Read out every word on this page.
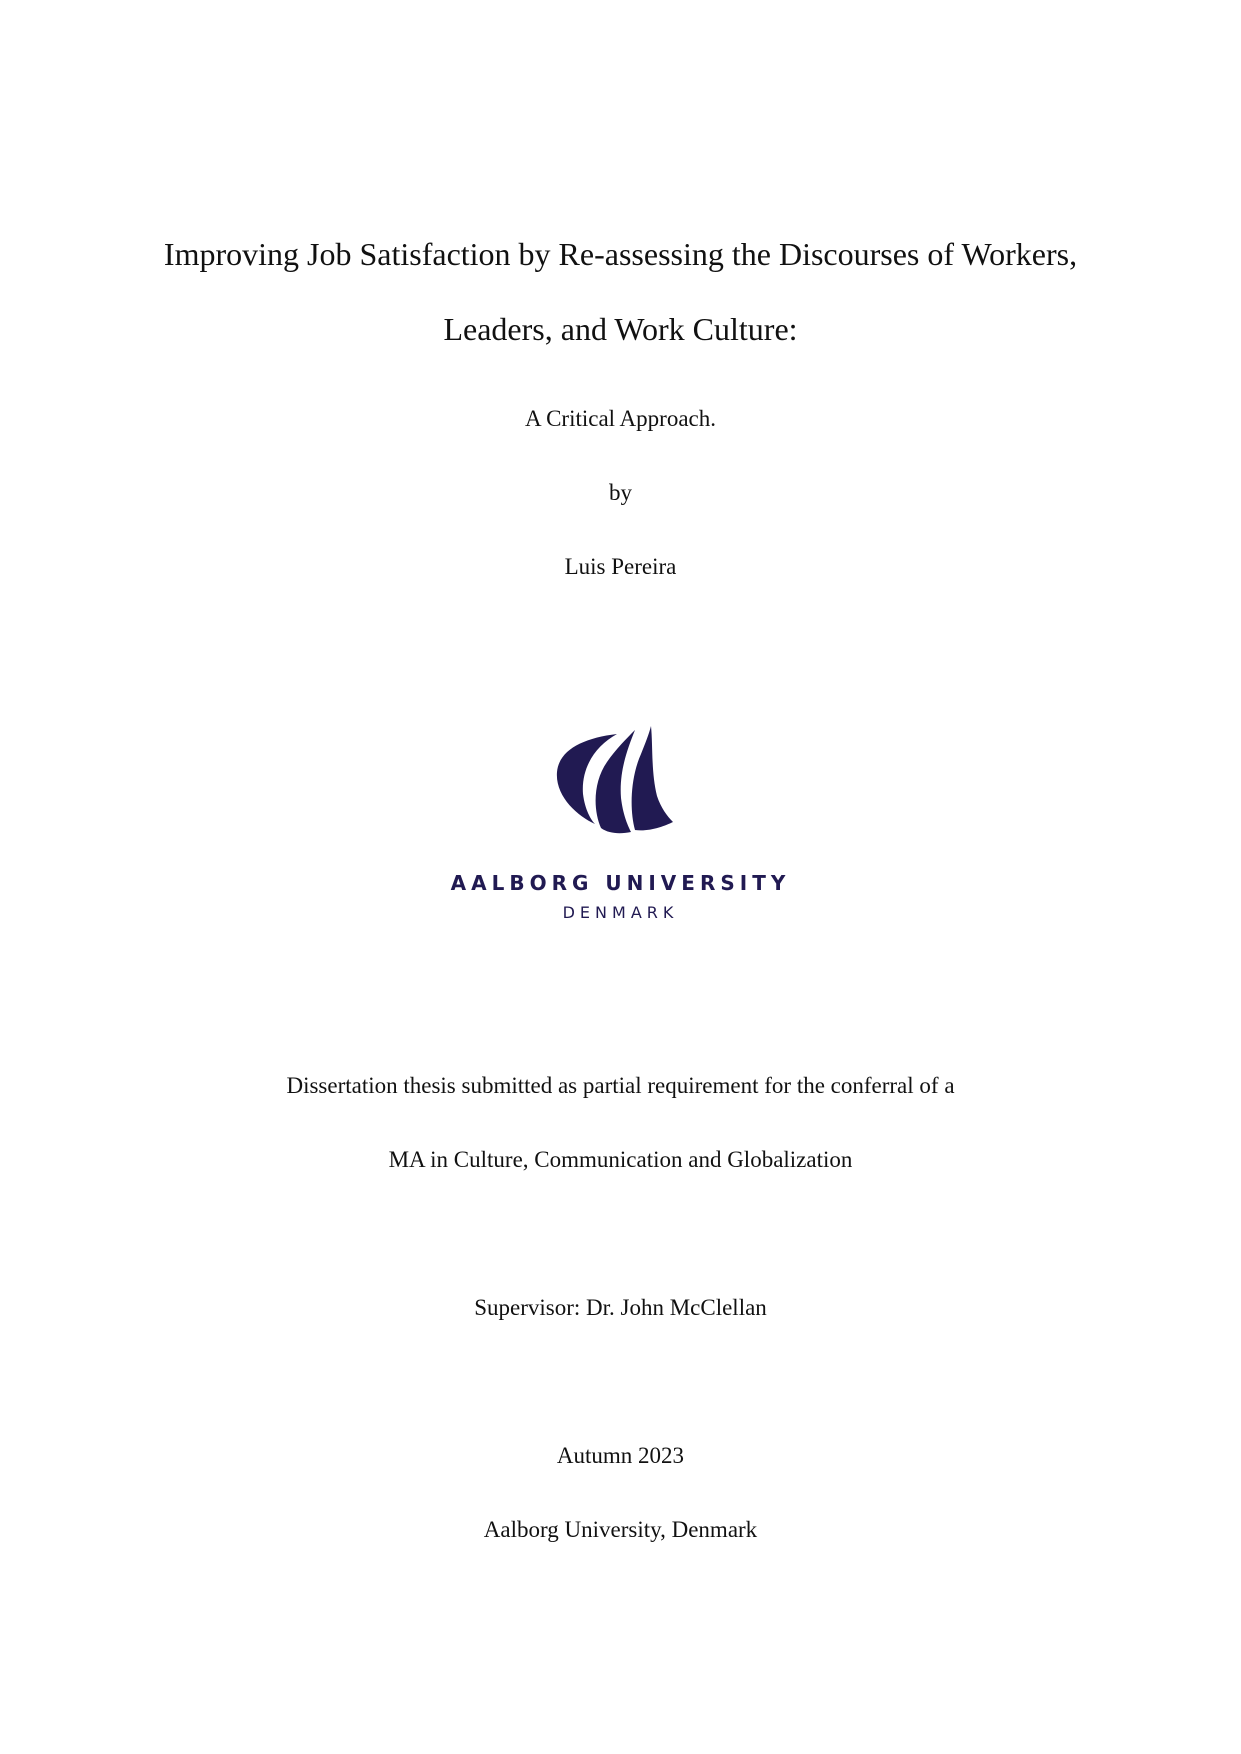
Improving Job Satisfaction by Re-assessing the Discourses of Workers,
Leaders, and Work Culture:
A Critical Approach.
by
Luis Pereira
AALBORG UNIVERSITY
DENMARK
Dissertation thesis submitted as partial requirement for the conferral of a
MA in Culture, Communication and Globalization
Supervisor: Dr. John McClellan
Autumn 2023
Aalborg University, Denmark
